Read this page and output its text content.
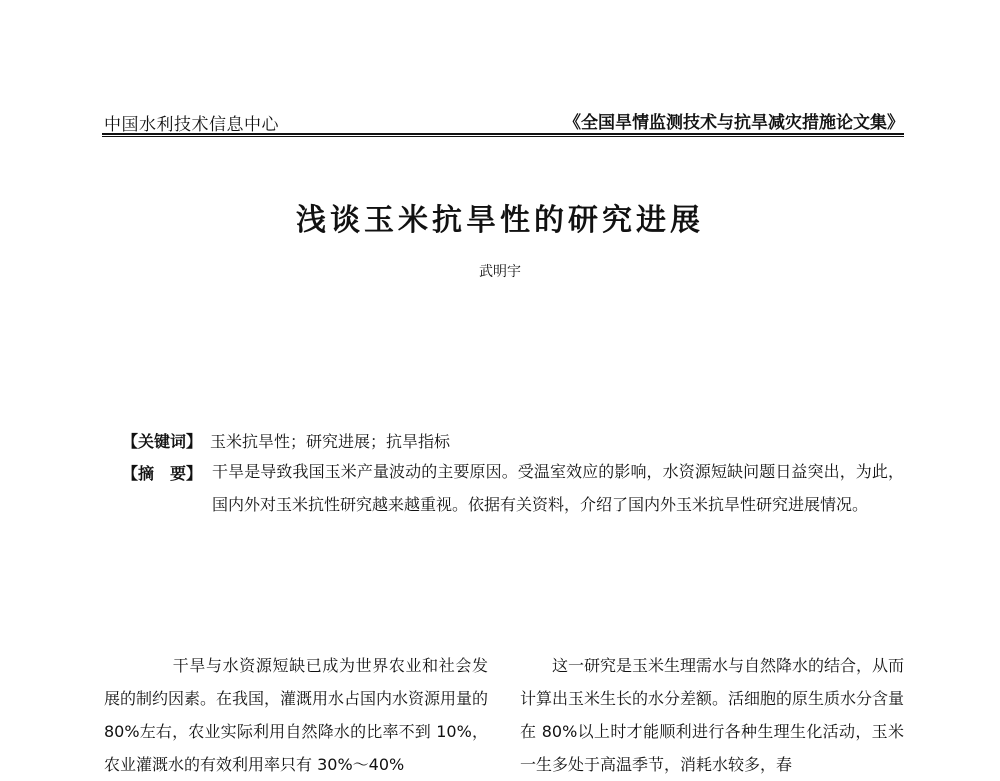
中国水利技术信息中心	《全国旱情监测技术与抗旱减灾措施论文集》
浅谈玉米抗旱性的研究进展
武明宇
【关键词】 玉米抗旱性；研究进展；抗旱指标
【摘　要】 干旱是导致我国玉米产量波动的主要原因。受温室效应的影响，水资源短缺问题日益突出，为此，国内外对玉米抗性研究越来越重视。依据有关资料，介绍了国内外玉米抗旱性研究进展情况。

干旱与水资源短缺已成为世界农业和社会发展的制约因素。在我国，灌溉用水占国内水资源用量的 80%左右，农业实际利用自然降水的比率不到 10%，农业灌溉水的有效利用率只有 30%～40%

这一研究是玉米生理需水与自然降水的结合，从而计算出玉米生长的水分差额。活细胞的原生质水分含量在 80%以上时才能顺利进行各种生理生化活动，玉米一生多处于高温季节，消耗水较多，春
